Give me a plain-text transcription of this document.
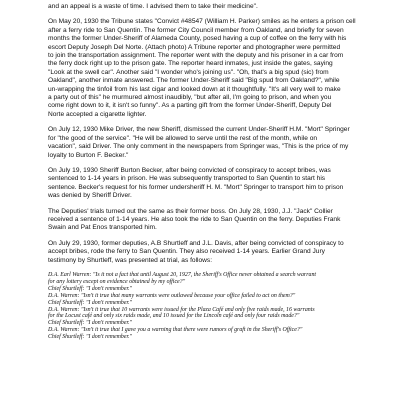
and an appeal is a waste of time. I advised them to take their medicine".

On May 20, 1930 the Tribune states "Convict #48547 (William H. Parker) smiles as he enters a prison cell
after a ferry ride to San Quentin. The former City Council member from Oakland, and briefly for seven
months the former Under-Sheriff of Alameda County, posed having a cup of coffee on the ferry with his
escort Deputy Joseph Del Norte. (Attach photo) A Tribune reporter and photographer were permitted
to join the transportation assignment. The reporter went with the deputy and his prisoner in a car from
the ferry dock right up to the prison gate. The reporter heard inmates, just inside the gates, saying
"Look at the swell car". Another said "I wonder who's joining us". "Oh, that's a big spud (sic) from
Oakland", another inmate answered. The former Under-Sheriff said "Big spud from Oakland?", while
un-wrapping the tinfoil from his last cigar and looked down at it thoughtfully. "It's all very well to make
a party out of this" he murmured almost inaudibly, "but after all, I'm going to prison, and when you
come right down to it, it isn't so funny". As a parting gift from the former Under-Sheriff, Deputy Del
Norte accepted a cigarette lighter.

On July 12, 1930 Mike Driver, the new Sheriff, dismissed the current Under-Sheriff H.M. "Mort" Springer
for "the good of the service". "He will be allowed to serve until the rest of the month, while on
vacation", said Driver. The only comment in the newspapers from Springer was, "This is the price of my
loyalty to Burton F. Becker."

On July 19, 1930 Sheriff Burton Becker, after being convicted of conspiracy to accept bribes, was
sentenced to 1-14 years in prison. He was subsequently transported to San Quentin to start his
sentence. Becker's request for his former undersheriff H. M. "Mort" Springer to transport him to prison
was denied by Sheriff Driver.

The Deputies' trials turned out the same as their former boss. On July 28, 1930, J.J. "Jack" Collier
received a sentence of 1-14 years. He also took the ride to San Quentin on the ferry. Deputies Frank
Swain and Pat Enos transported him.

On July 29, 1930, former deputies, A.B Shurtleff and J.L. Davis, after being convicted of conspiracy to
accept bribes, rode the ferry to San Quentin. They also received 1-14 years. Earlier Grand Jury
testimony by Shurtleff, was presented at trial, as follows:

D.A. Earl Warren: "Is it not a fact that until August 20, 1927, the Sheriff's Office never obtained a search warrant
for any lottery except on evidence obtained by my office?"
Chief Shurtleff: "I don't remember."
D.A. Warren: "Isn't it true that many warrants were outlawed because your office failed to act on them?"
Chief Shurtleff: "I don't remember."
D.A. Warren: "Isn't it true that 10 warrants were issued for the Plaza Café and only five raids made, 16 warrants
for the Locust café and only six raids made, and 10 issued for the Lincoln café and only four raids made?"
Chief Shurtleff: "I don't remember."
D.A. Warren: "Isn't it true that I gave you a warning that there were rumors of graft in the Sheriff's Office?"
Chief Shurtleff: "I don't remember."
